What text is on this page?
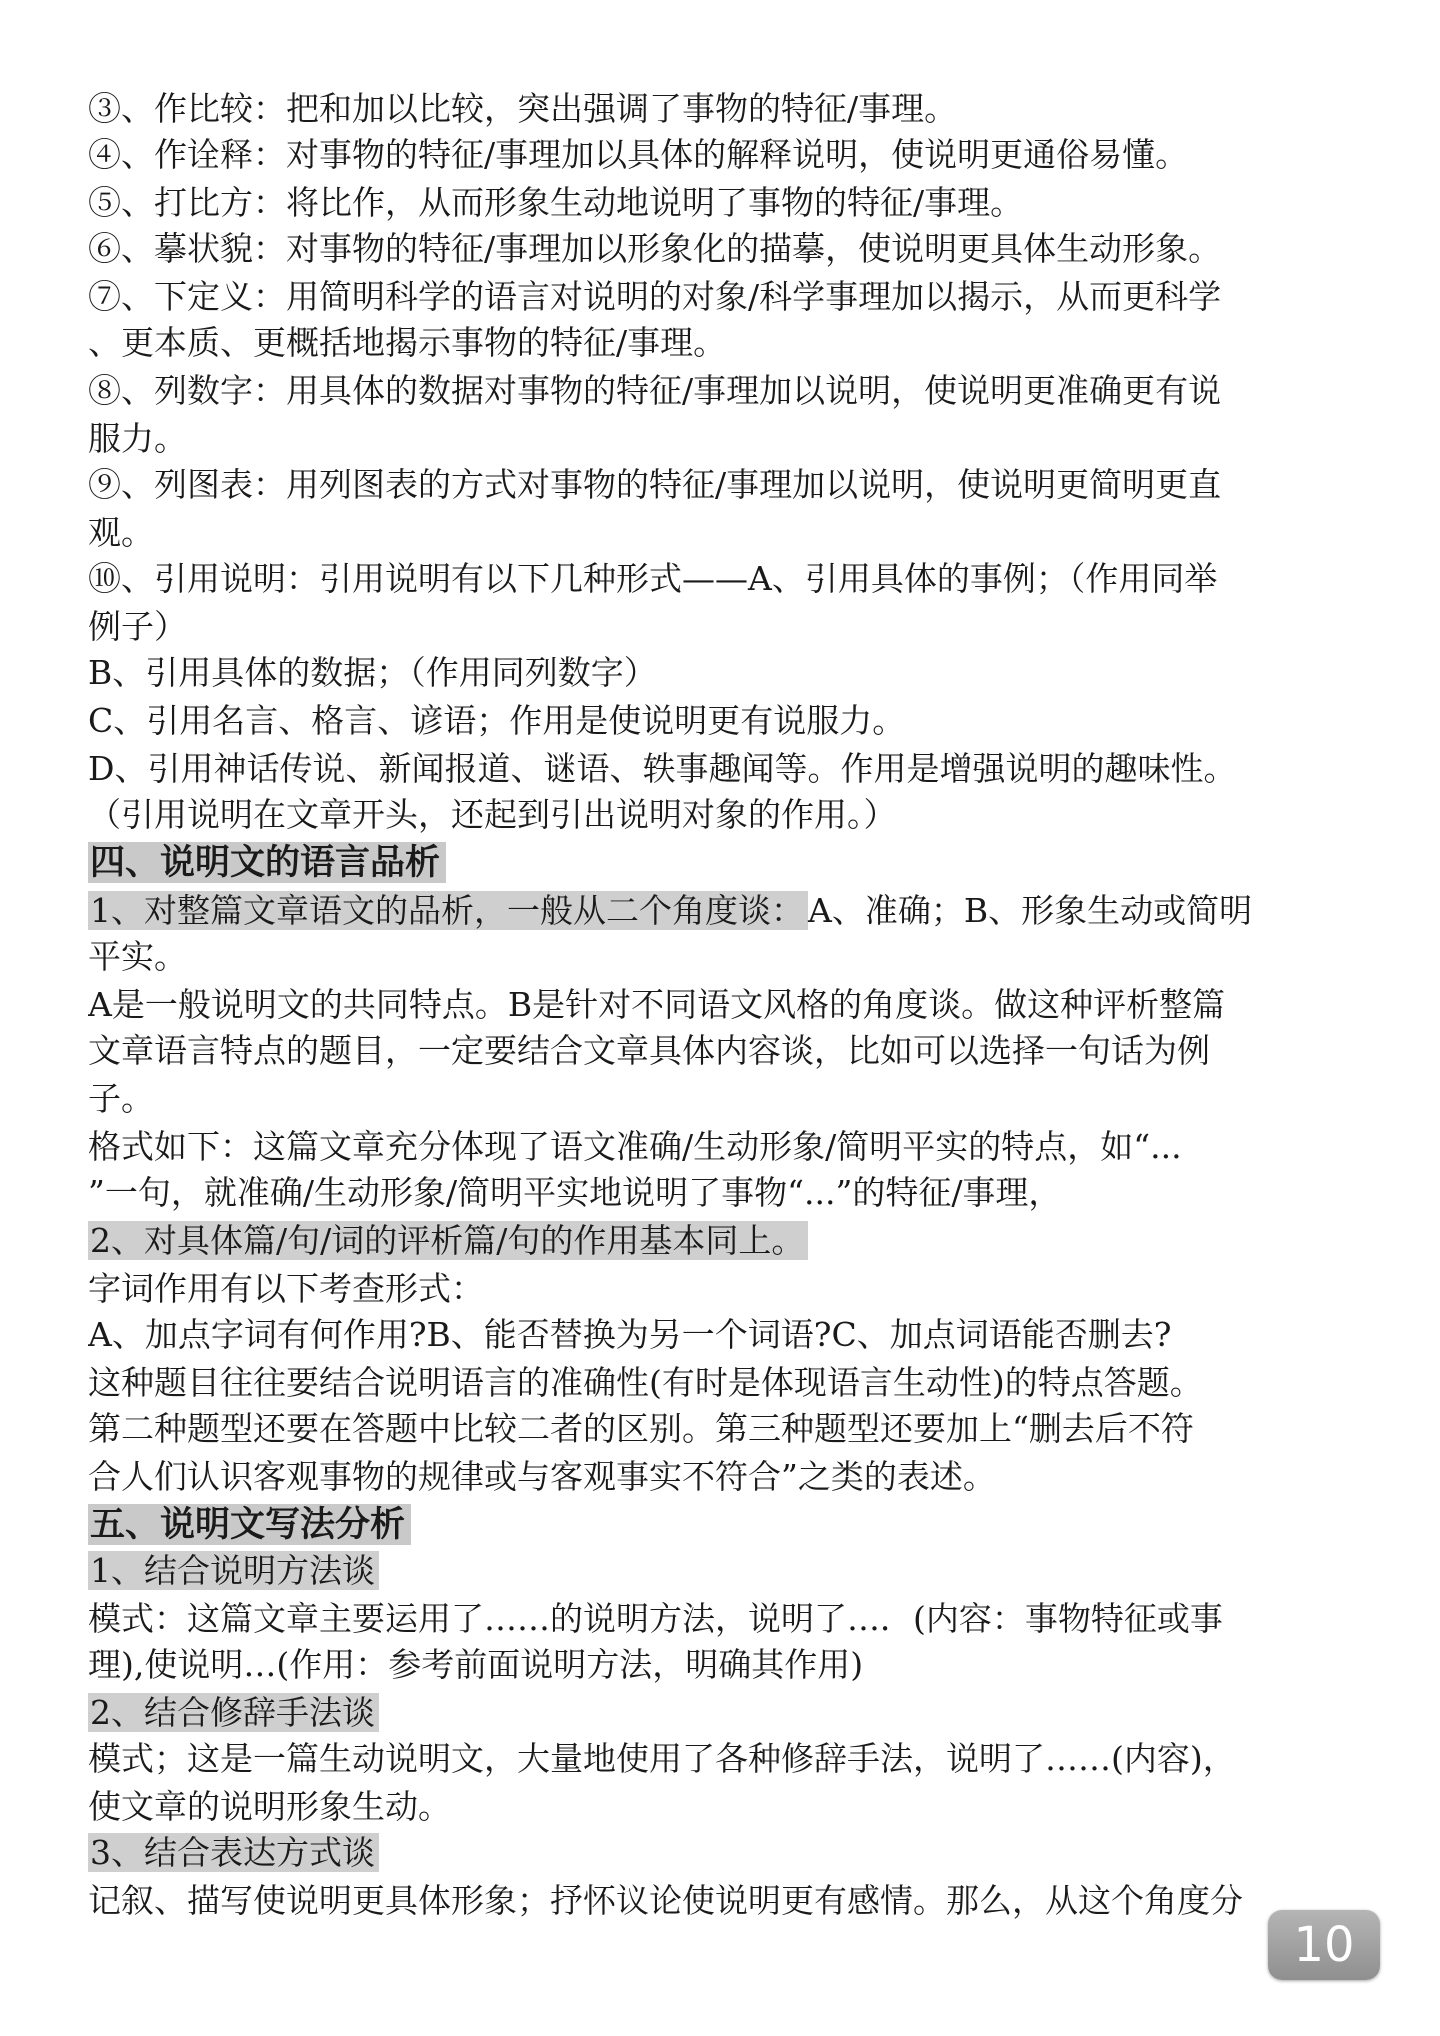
③、作比较：把和加以比较，突出强调了事物的特征/事理。
④、作诠释：对事物的特征/事理加以具体的解释说明，使说明更通俗易懂。
⑤、打比方：将比作，从而形象生动地说明了事物的特征/事理。
⑥、摹状貌：对事物的特征/事理加以形象化的描摹，使说明更具体生动形象。
⑦、下定义：用简明科学的语言对说明的对象/科学事理加以揭示，从而更科学
、更本质、更概括地揭示事物的特征/事理。
⑧、列数字：用具体的数据对事物的特征/事理加以说明，使说明更准确更有说
服力。
⑨、列图表：用列图表的方式对事物的特征/事理加以说明，使说明更简明更直
观。
⑩、引用说明：引用说明有以下几种形式——A、引用具体的事例；（作用同举
例子）
B、引用具体的数据；（作用同列数字）
C、引用名言、格言、谚语；作用是使说明更有说服力。
D、引用神话传说、新闻报道、谜语、轶事趣闻等。作用是增强说明的趣味性。
（引用说明在文章开头，还起到引出说明对象的作用。）
四、说明文的语言品析
1、对整篇文章语文的品析，一般从二个角度谈： A、准确；B、形象生动或简明
平实。
A是一般说明文的共同特点。B是针对不同语文风格的角度谈。做这种评析整篇
文章语言特点的题目，一定要结合文章具体内容谈，比如可以选择一句话为例
子。
格式如下：这篇文章充分体现了语文准确/生动形象/简明平实的特点，如“...
”一句，就准确/生动形象/简明平实地说明了事物“...”的特征/事理，
2、对具体篇/句/词的评析篇/句的作用基本同上。
字词作用有以下考查形式：
A、加点字词有何作用?B、能否替换为另一个词语?C、加点词语能否删去?
这种题目往往要结合说明语言的准确性(有时是体现语言生动性)的特点答题。
第二种题型还要在答题中比较二者的区别。第三种题型还要加上“删去后不符
合人们认识客观事物的规律或与客观事实不符合”之类的表述。
五、说明文写法分析
1、结合说明方法谈
模式：这篇文章主要运用了……的说明方法，说明了…．(内容：事物特征或事
理),使说明…(作用：参考前面说明方法，明确其作用)
2、结合修辞手法谈
模式；这是一篇生动说明文，大量地使用了各种修辞手法，说明了……(内容)，
使文章的说明形象生动。
3、结合表达方式谈
记叙、描写使说明更具体形象；抒怀议论使说明更有感情。那么，从这个角度分
10
